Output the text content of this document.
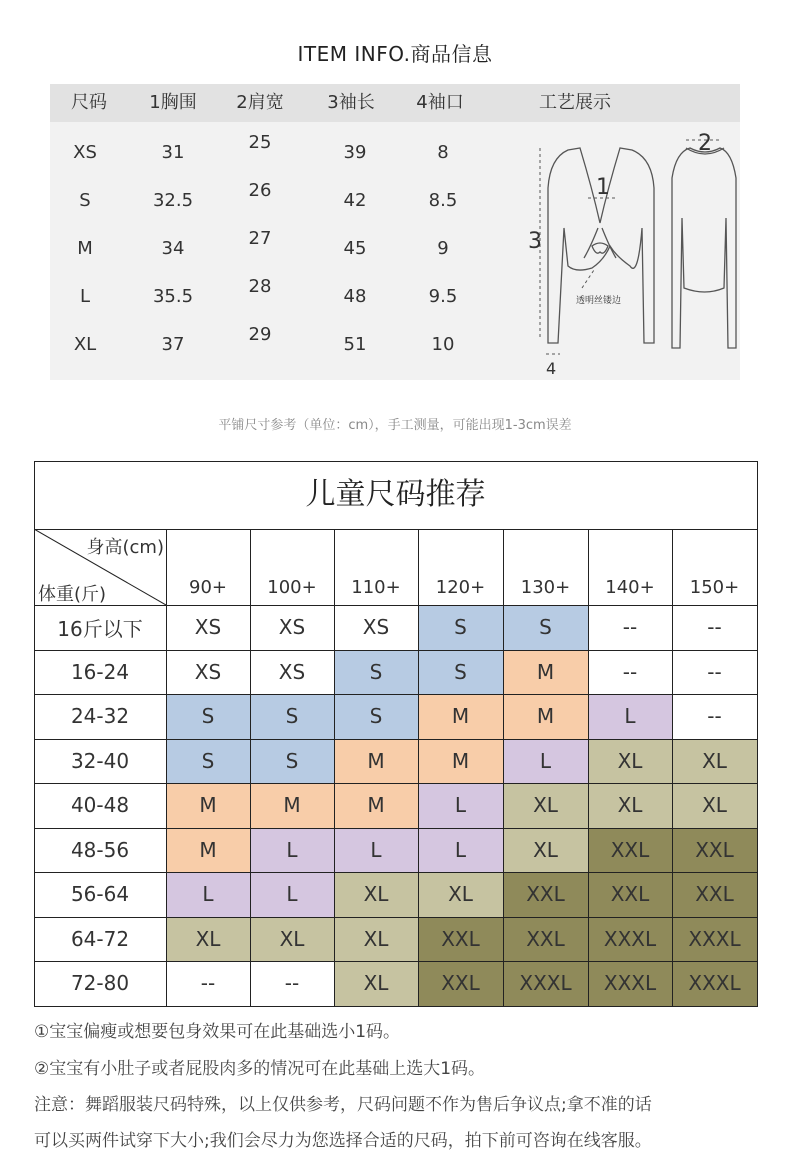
ITEM INFO.商品信息
尺码	1胸围	2肩宽	3袖长	4袖口	工艺展示
XS	31	25	39	8
S	32.5	26	42	8.5
M	34	27	45	9
L	35.5	28	48	9.5
XL	37	29	51	10
1
2
3
4
透明丝镂边
平铺尺寸参考（单位：cm），手工测量，可能出现1-3cm误差
儿童尺码推荐
身高(cm)
体重(斤)	90+	100+	110+	120+	130+	140+	150+
16斤以下	XS	XS	XS	S	S	--	--
16-24	XS	XS	S	S	M	--	--
24-32	S	S	S	M	M	L	--
32-40	S	S	M	M	L	XL	XL
40-48	M	M	M	L	XL	XL	XL
48-56	M	L	L	L	XL	XXL	XXL
56-64	L	L	XL	XL	XXL	XXL	XXL
64-72	XL	XL	XL	XXL	XXL	XXXL	XXXL
72-80	--	--	XL	XXL	XXXL	XXXL	XXXL
①宝宝偏瘦或想要包身效果可在此基础选小1码。
②宝宝有小肚子或者屁股肉多的情况可在此基础上选大1码。
注意：舞蹈服装尺码特殊，以上仅供参考，尺码问题不作为售后争议点;拿不准的话
可以买两件试穿下大小;我们会尽力为您选择合适的尺码，拍下前可咨询在线客服。
